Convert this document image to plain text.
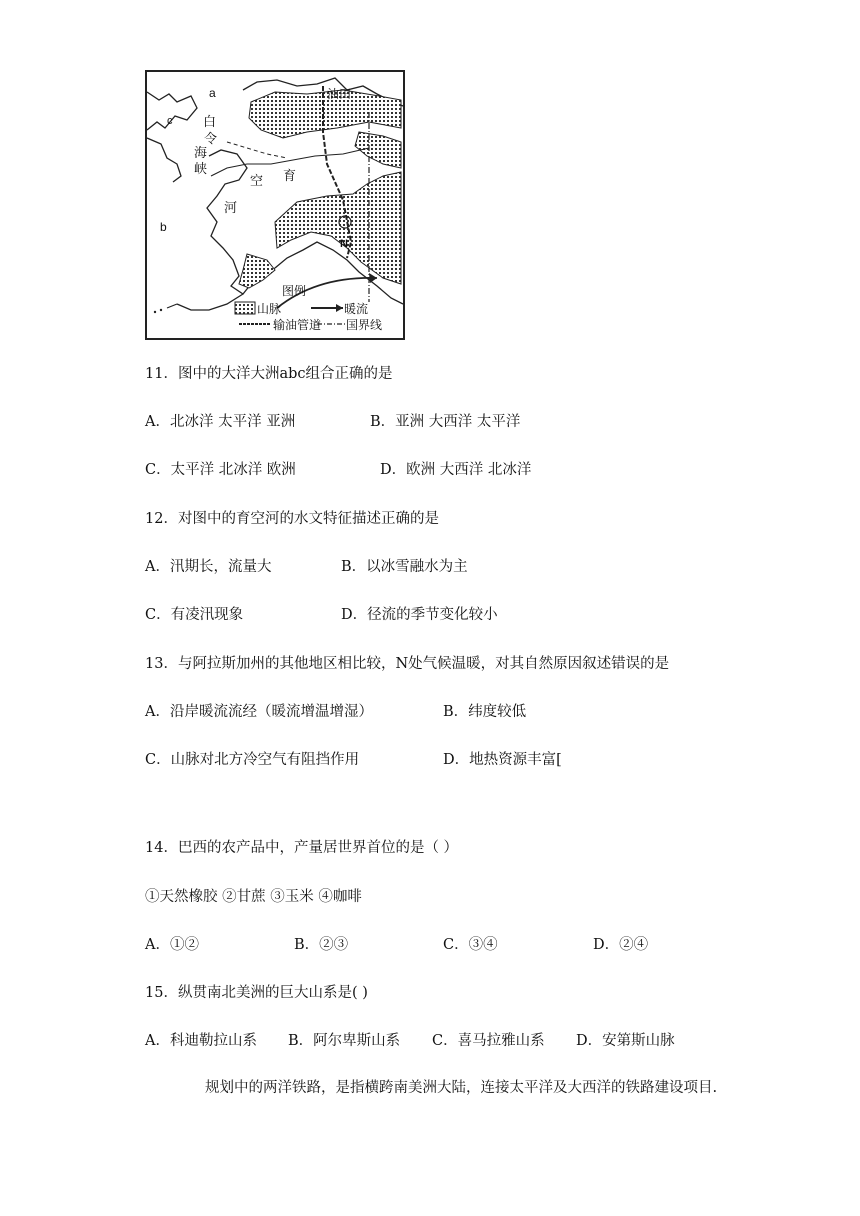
a
c
b
白
令
海
峡	育
空
河
油田
N
图例
山脉	暖流
输油管道 国界线
11．图中的大洋大洲abc组合正确的是
A．北冰洋 太平洋 亚洲	B．亚洲 大西洋 太平洋
C．太平洋 北冰洋 欧洲	D．欧洲 大西洋 北冰洋
12．对图中的育空河的水文特征描述正确的是
A．汛期长，流量大	B．以冰雪融水为主
C．有凌汛现象	D．径流的季节变化较小
13．与阿拉斯加州的其他地区相比较，N处气候温暖，对其自然原因叙述错误的是
A．沿岸暖流流经（暖流增温增湿）	B．纬度较低
C．山脉对北方冷空气有阻挡作用	D．地热资源丰富[
14．巴西的农产品中，产量居世界首位的是（ ）
①天然橡胶 ②甘蔗 ③玉米 ④咖啡
A．①②	B．②③	C．③④	D．②④
15．纵贯南北美洲的巨大山系是( )
A．科迪勒拉山系 B．阿尔卑斯山系 C．喜马拉雅山系 D．安第斯山脉
规划中的两洋铁路，是指横跨南美洲大陆，连接太平洋及大西洋的铁路建设项目.
